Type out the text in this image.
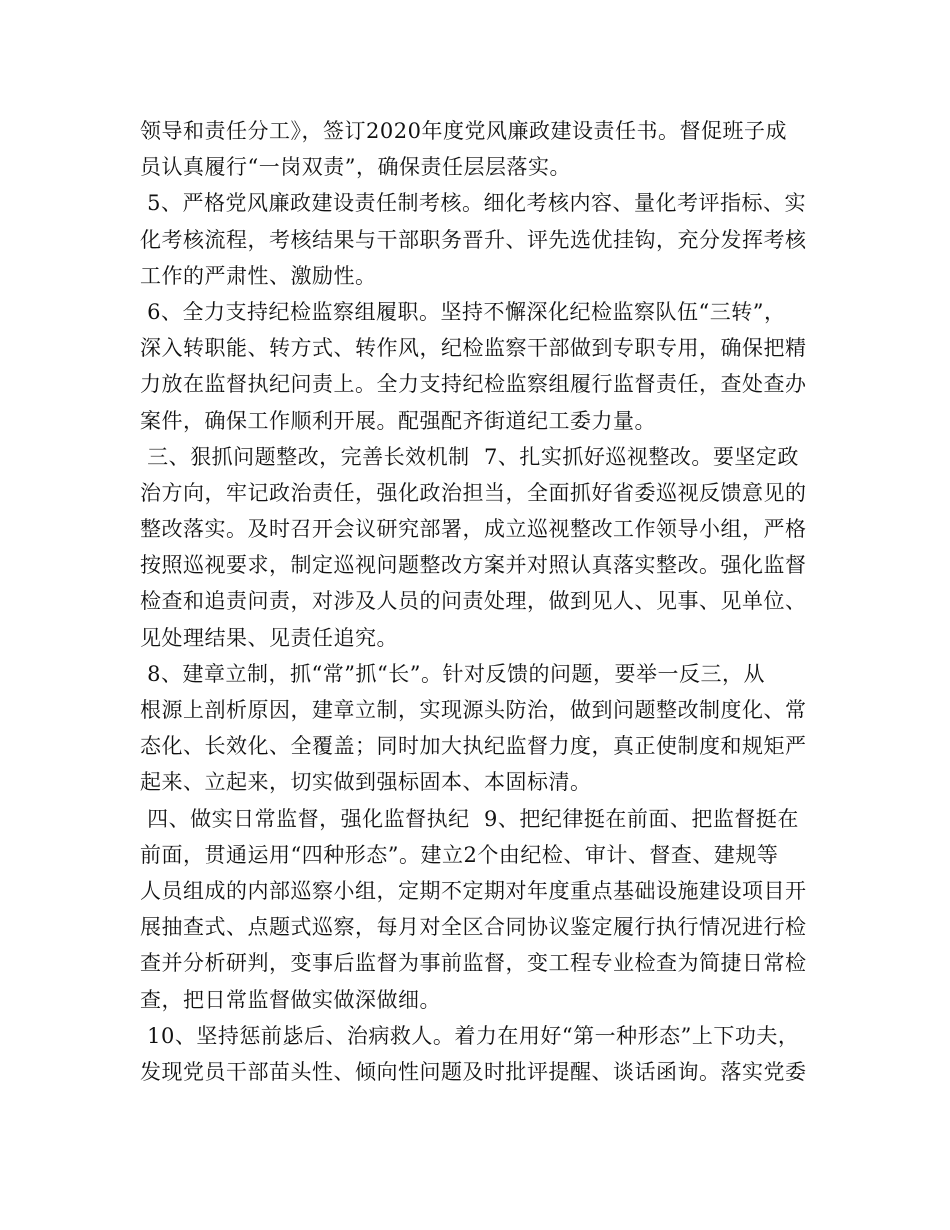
领导和责任分工》，签订2020年度党风廉政建设责任书。督促班子成
员认真履行“一岗双责”，确保责任层层落实。
5、严格党风廉政建设责任制考核。细化考核内容、量化考评指标、实
化考核流程，考核结果与干部职务晋升、评先选优挂钩，充分发挥考核
工作的严肃性、激励性。
6、全力支持纪检监察组履职。坚持不懈深化纪检监察队伍“三转”，
深入转职能、转方式、转作风，纪检监察干部做到专职专用，确保把精
力放在监督执纪问责上。全力支持纪检监察组履行监督责任，查处查办
案件，确保工作顺利开展。配强配齐街道纪工委力量。
三、狠抓问题整改，完善长效机制  7、扎实抓好巡视整改。要坚定政
治方向，牢记政治责任，强化政治担当，全面抓好省委巡视反馈意见的
整改落实。及时召开会议研究部署，成立巡视整改工作领导小组，严格
按照巡视要求，制定巡视问题整改方案并对照认真落实整改。强化监督
检查和追责问责，对涉及人员的问责处理，做到见人、见事、见单位、
见处理结果、见责任追究。
8、建章立制，抓“常”抓“长”。针对反馈的问题，要举一反三，从
根源上剖析原因，建章立制，实现源头防治，做到问题整改制度化、常
态化、长效化、全覆盖；同时加大执纪监督力度，真正使制度和规矩严
起来、立起来，切实做到强标固本、本固标清。
四、做实日常监督，强化监督执纪  9、把纪律挺在前面、把监督挺在
前面，贯通运用“四种形态”。建立2个由纪检、审计、督查、建规等
人员组成的内部巡察小组，定期不定期对年度重点基础设施建设项目开
展抽查式、点题式巡察，每月对全区合同协议鉴定履行执行情况进行检
查并分析研判，变事后监督为事前监督，变工程专业检查为简捷日常检
查，把日常监督做实做深做细。
10、坚持惩前毖后、治病救人。着力在用好“第一种形态”上下功夫，
发现党员干部苗头性、倾向性问题及时批评提醒、谈话函询。落实党委
